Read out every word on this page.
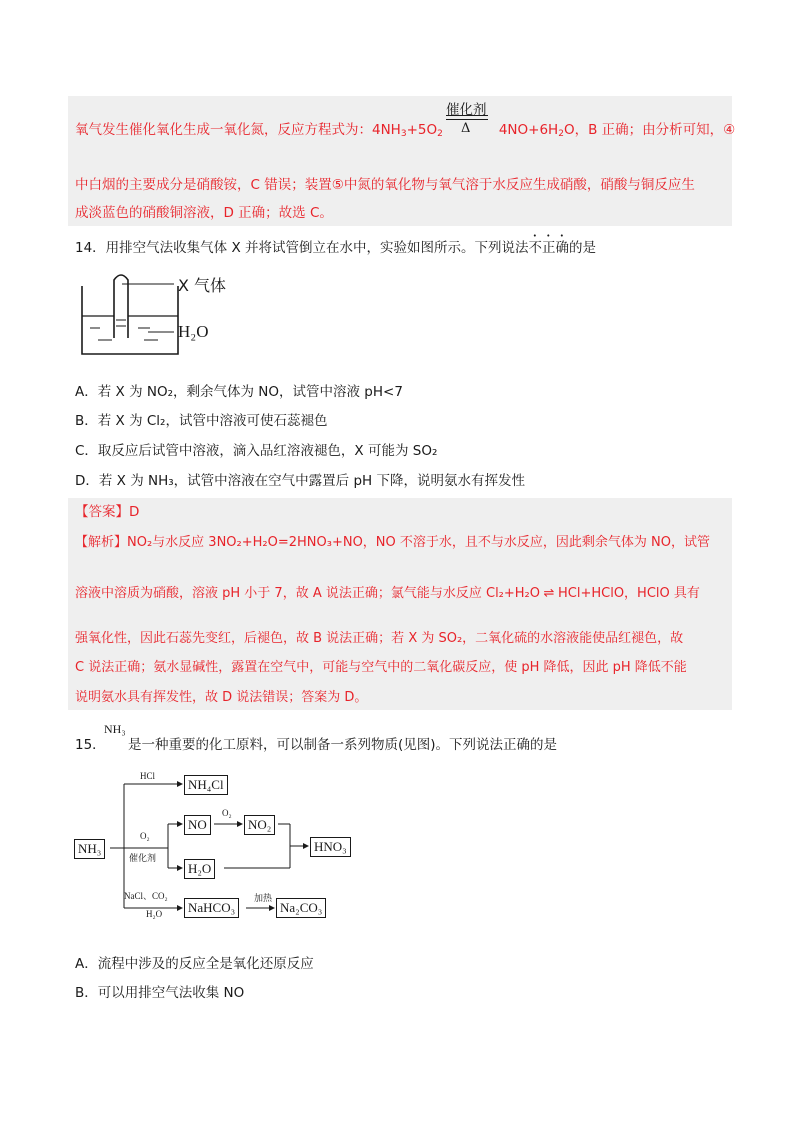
催化剂
Δ
氧气发生催化氧化生成一氧化氮，反应方程式为：$4NH_3+5O_2$	$4NO+6H_2O$，B 正确；由分析可知，④
中白烟的主要成分是硝酸铵，C 错误；装置⑤中氮的氧化物与氧气溶于水反应生成硝酸，硝酸与铜反应生
成淡蓝色的硝酸铜溶液，D 正确；故选 C。
14．用排空气法收集气体 X 并将试管倒立在水中，实验如图所示。下列说法不正确的是
X 气体
H₂O
A．若 X 为 NO₂，剩余气体为 NO，试管中溶液 pH<7
B．若 X 为 Cl₂，试管中溶液可使石蕊褪色
C．取反应后试管中溶液，滴入品红溶液褪色，X 可能为 SO₂
D．若 X 为 NH₃，试管中溶液在空气中露置后 pH 下降，说明氨水有挥发性
【答案】D
【解析】NO₂与水反应 3NO₂+H₂O=2HNO₃+NO，NO 不溶于水，且不与水反应，因此剩余气体为 NO，试管
溶液中溶质为硝酸，溶液 pH 小于 7，故 A 说法正确；氯气能与水反应 Cl₂+H₂O ⇌ HCl+HClO，HClO 具有
强氧化性，因此石蕊先变红，后褪色，故 B 说法正确；若 X 为 SO₂，二氧化硫的水溶液能使品红褪色，故
C 说法正确；氨水显碱性，露置在空气中，可能与空气中的二氧化碳反应，使 pH 降低，因此 pH 降低不能
说明氨水具有挥发性，故 D 说法错误；答案为 D。
15．
NH₃
是一种重要的化工原料，可以制备一系列物质(见图)。下列说法正确的是
NH₃
HCl
NH₄Cl
O₂
催化剂
NO
O₂
NO₂
HNO₃
H₂O
NaCl、CO₂
H₂O	NaHCO₃
加热
Na₂CO₃
A．流程中涉及的反应全是氧化还原反应
B．可以用排空气法收集 NO
